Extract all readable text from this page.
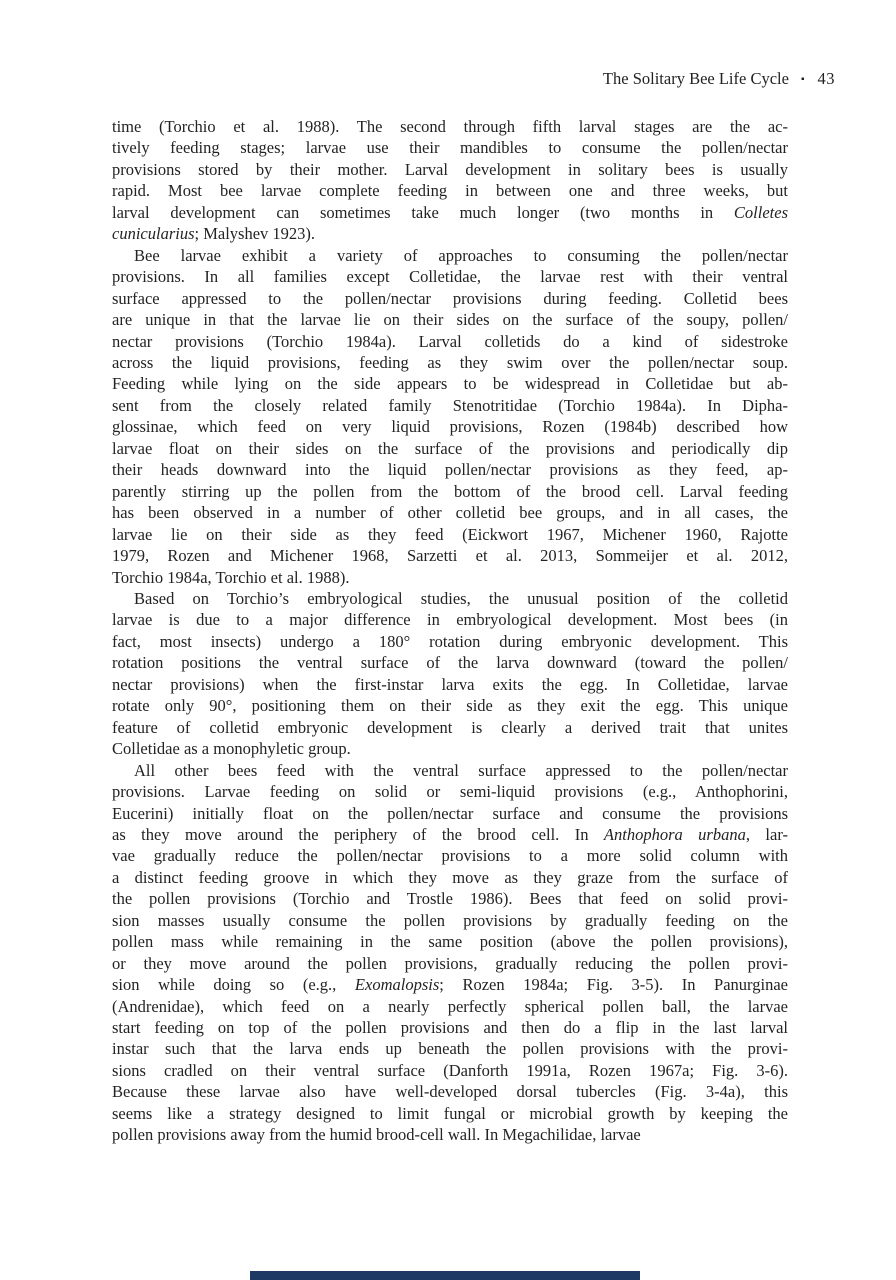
The Solitary Bee Life Cycle ▪ 43
time (Torchio et al. 1988). The second through fifth larval stages are the ac-
tively feeding stages; larvae use their mandibles to consume the pollen/nectar
provisions stored by their mother. Larval development in solitary bees is usually
rapid. Most bee larvae complete feeding in between one and three weeks, but
larval development can sometimes take much longer (two months in Colletes
cunicularius; Malyshev 1923).
Bee larvae exhibit a variety of approaches to consuming the pollen/nectar
provisions. In all families except Colletidae, the larvae rest with their ventral
surface appressed to the pollen/nectar provisions during feeding. Colletid bees
are unique in that the larvae lie on their sides on the surface of the soupy, pollen/
nectar provisions (Torchio 1984a). Larval colletids do a kind of sidestroke
across the liquid provisions, feeding as they swim over the pollen/nectar soup.
Feeding while lying on the side appears to be widespread in Colletidae but ab-
sent from the closely related family Stenotritidae (Torchio 1984a). In Dipha-
glossinae, which feed on very liquid provisions, Rozen (1984b) described how
larvae float on their sides on the surface of the provisions and periodically dip
their heads downward into the liquid pollen/nectar provisions as they feed, ap-
parently stirring up the pollen from the bottom of the brood cell. Larval feeding
has been observed in a number of other colletid bee groups, and in all cases, the
larvae lie on their side as they feed (Eickwort 1967, Michener 1960, Rajotte
1979, Rozen and Michener 1968, Sarzetti et al. 2013, Sommeijer et al. 2012,
Torchio 1984a, Torchio et al. 1988).
Based on Torchio’s embryological studies, the unusual position of the colletid
larvae is due to a major difference in embryological development. Most bees (in
fact, most insects) undergo a 180° rotation during embryonic development. This
rotation positions the ventral surface of the larva downward (toward the pollen/
nectar provisions) when the first-instar larva exits the egg. In Colletidae, larvae
rotate only 90°, positioning them on their side as they exit the egg. This unique
feature of colletid embryonic development is clearly a derived trait that unites
Colletidae as a monophyletic group.
All other bees feed with the ventral surface appressed to the pollen/nectar
provisions. Larvae feeding on solid or semi-liquid provisions (e.g., Anthophorini,
Eucerini) initially float on the pollen/nectar surface and consume the provisions
as they move around the periphery of the brood cell. In Anthophora urbana, lar-
vae gradually reduce the pollen/nectar provisions to a more solid column with
a distinct feeding groove in which they move as they graze from the surface of
the pollen provisions (Torchio and Trostle 1986). Bees that feed on solid provi-
sion masses usually consume the pollen provisions by gradually feeding on the
pollen mass while remaining in the same position (above the pollen provisions),
or they move around the pollen provisions, gradually reducing the pollen provi-
sion while doing so (e.g., Exomalopsis; Rozen 1984a; Fig. 3-5). In Panurginae
(Andrenidae), which feed on a nearly perfectly spherical pollen ball, the larvae
start feeding on top of the pollen provisions and then do a flip in the last larval
instar such that the larva ends up beneath the pollen provisions with the provi-
sions cradled on their ventral surface (Danforth 1991a, Rozen 1967a; Fig. 3-6).
Because these larvae also have well-developed dorsal tubercles (Fig. 3-4a), this
seems like a strategy designed to limit fungal or microbial growth by keeping the
pollen provisions away from the humid brood-cell wall. In Megachilidae, larvae
